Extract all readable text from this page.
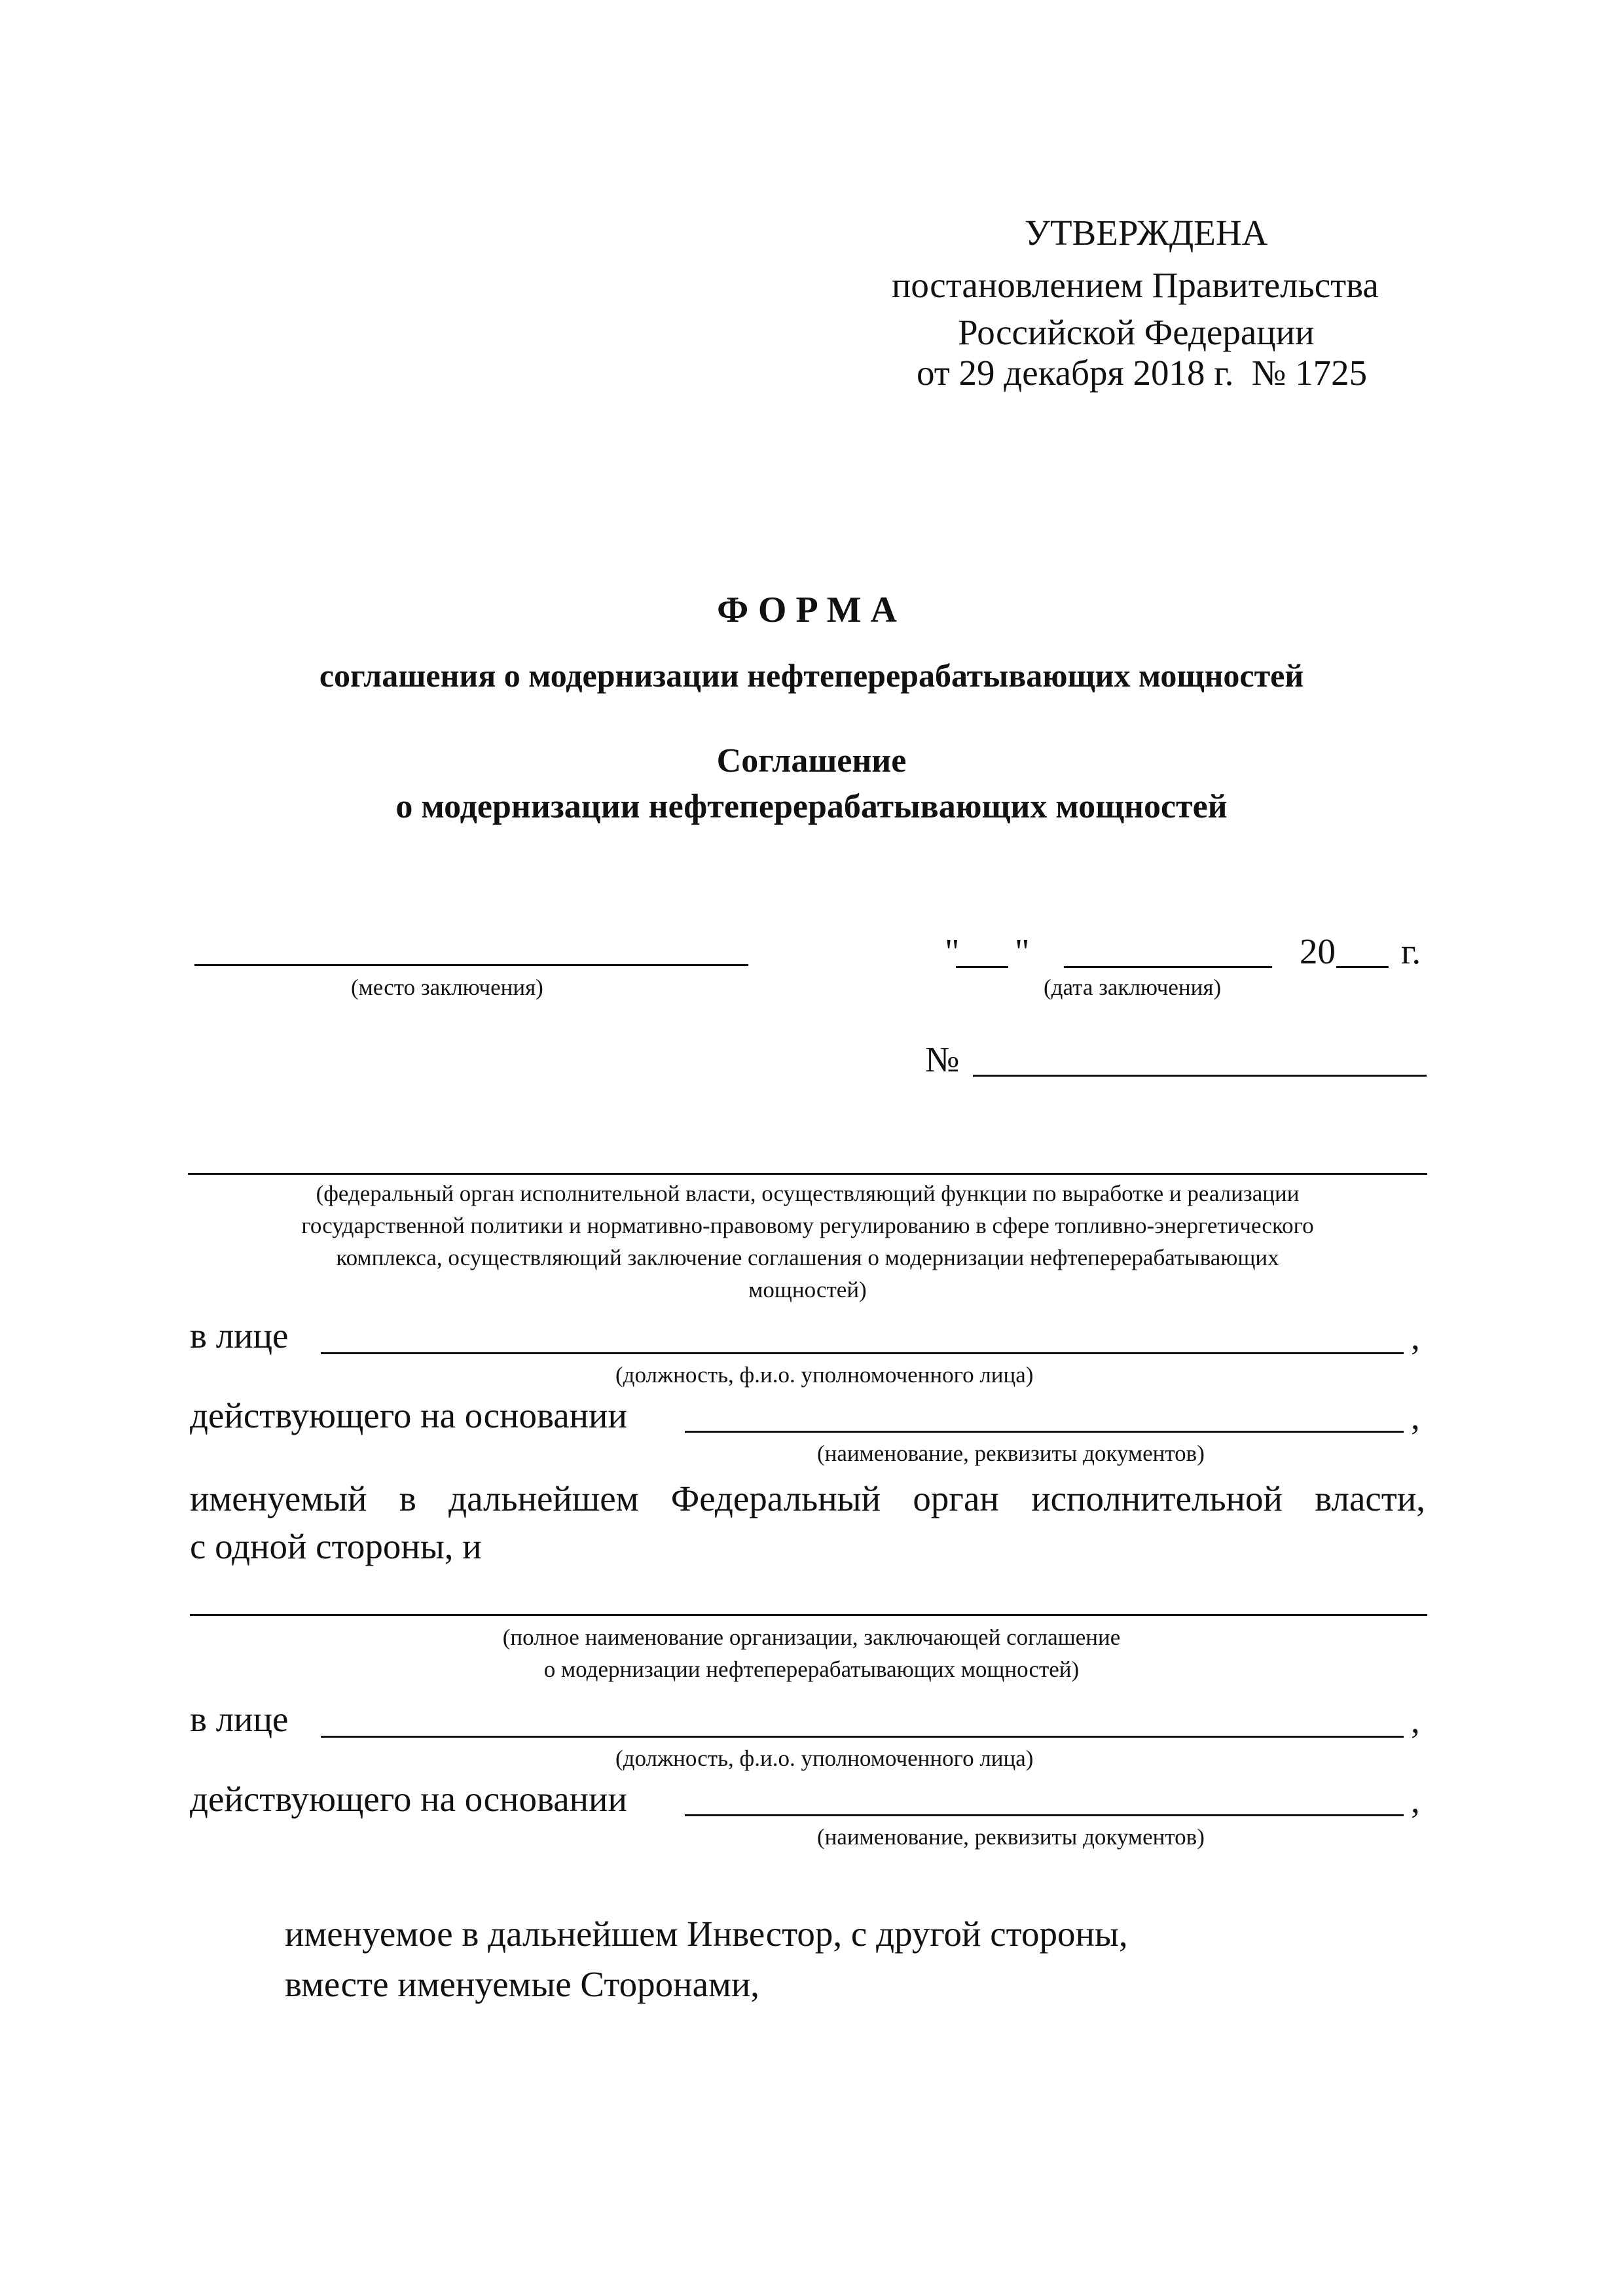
УТВЕРЖДЕНА
постановлением Правительства
Российской Федерации
от 29 декабря 2018 г.  № 1725
ФОРМА
соглашения о модернизации нефтеперерабатывающих мощностей
Соглашение
о модернизации нефтеперерабатывающих мощностей
(место заключения)
" "	20 г.
(дата заключения)
№
(федеральный орган исполнительной власти, осуществляющий функции по выработке и реализации
государственной политики и нормативно-правовому регулированию в сфере топливно-энергетического
комплекса, осуществляющий заключение соглашения о модернизации нефтеперерабатывающих
мощностей)
в лице	,
(должность, ф.и.о. уполномоченного лица)
действующего на основании	,
(наименование, реквизиты документов)
именуемый в дальнейшем Федеральный орган исполнительной власти,
с одной стороны, и
(полное наименование организации, заключающей соглашение
о модернизации нефтеперерабатывающих мощностей)
в лице	,
(должность, ф.и.о. уполномоченного лица)
действующего на основании	,
(наименование, реквизиты документов)
именуемое в дальнейшем Инвестор, с другой стороны,
вместе именуемые Сторонами,
